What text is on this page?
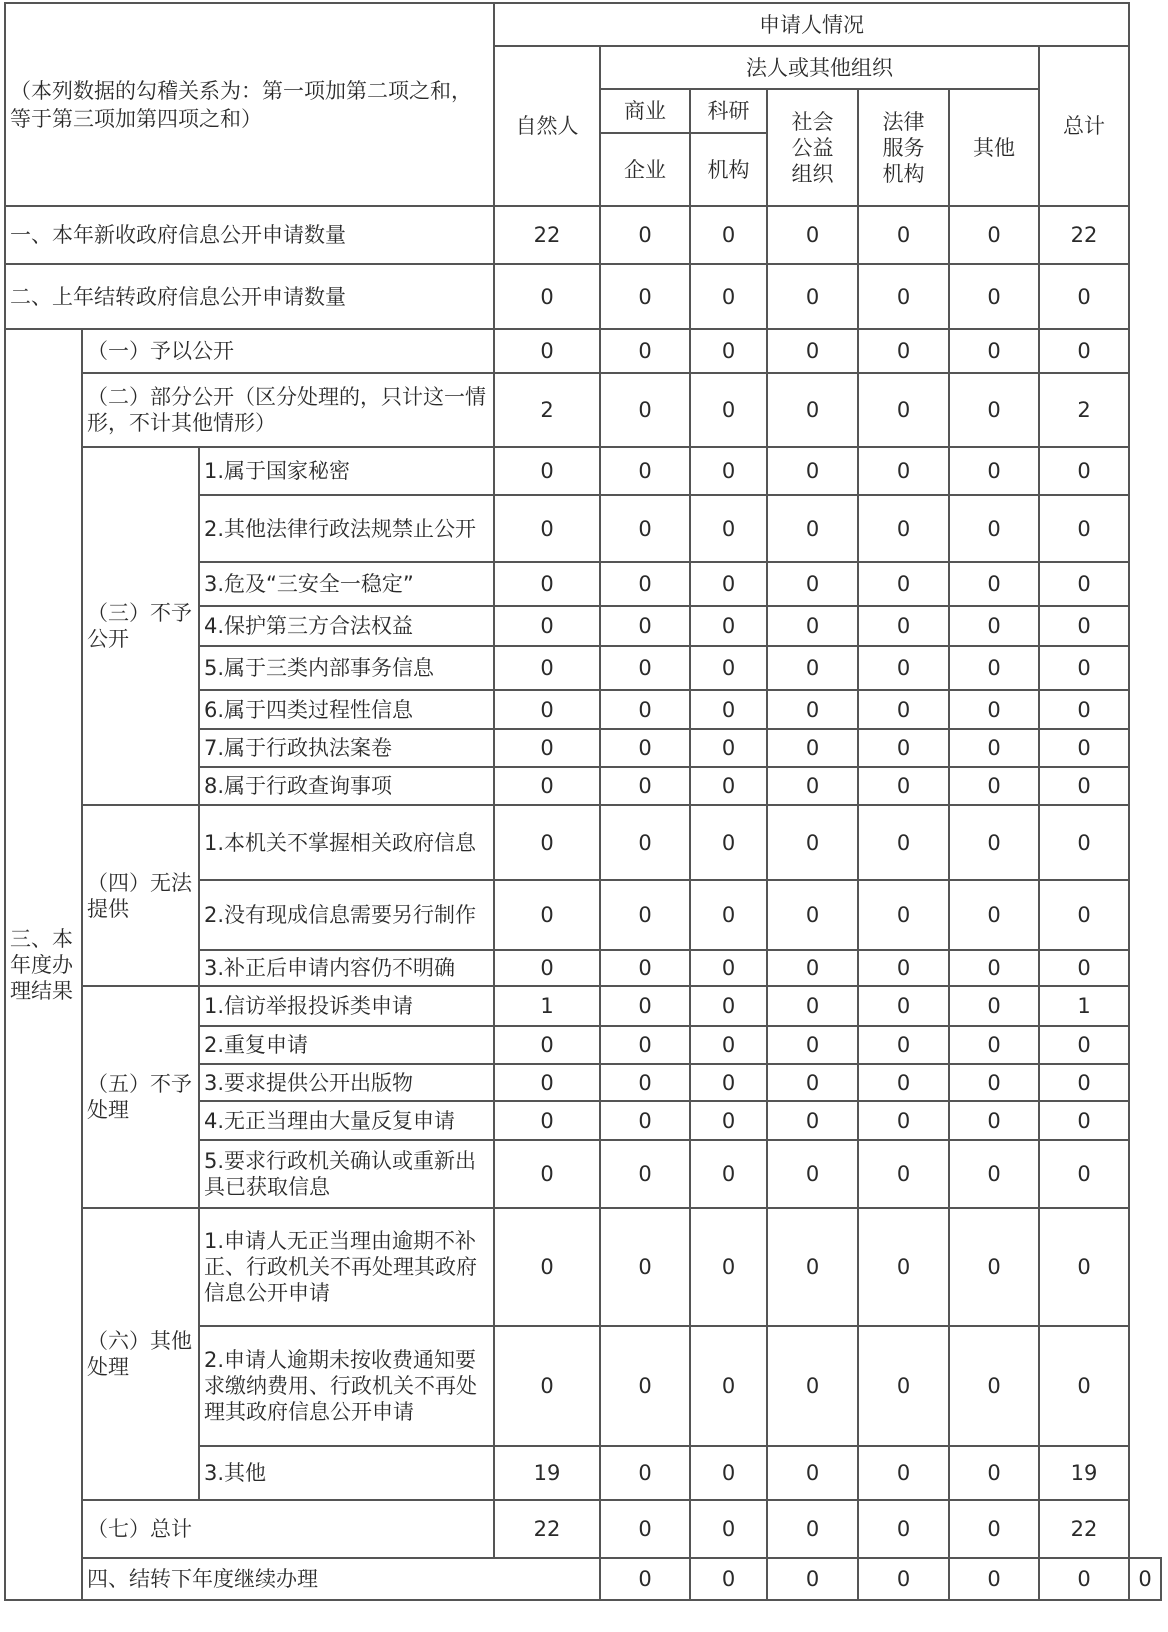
（本列数据的勾稽关系为：第一项加第二项之和，等于第三项加第四项之和）			申请人情况							
			自然人	法人或其他组织					总计	
				商业	科研	社会公益组织	法律服务机构	其他		
				企业	机构					
一、本年新收政府信息公开申请数量			22	0	0	0	0	0	22	
二、上年结转政府信息公开申请数量			0	0	0	0	0	0	0	
三、本年度办理结果	（一）予以公开		0	0	0	0	0	0	0	
	（二）部分公开（区分处理的，只计这一情形，不计其他情形）		2	0	0	0	0	0	2	
	（三）不予公开	1.属于国家秘密	0	0	0	0	0	0	0	
		2.其他法律行政法规禁止公开	0	0	0	0	0	0	0	
		3.危及“三安全一稳定”	0	0	0	0	0	0	0	
		4.保护第三方合法权益	0	0	0	0	0	0	0	
		5.属于三类内部事务信息	0	0	0	0	0	0	0	
		6.属于四类过程性信息	0	0	0	0	0	0	0	
		7.属于行政执法案卷	0	0	0	0	0	0	0	
		8.属于行政查询事项	0	0	0	0	0	0	0	
	（四）无法提供	1.本机关不掌握相关政府信息	0	0	0	0	0	0	0	
		2.没有现成信息需要另行制作	0	0	0	0	0	0	0	
		3.补正后申请内容仍不明确	0	0	0	0	0	0	0	
	（五）不予处理	1.信访举报投诉类申请	1	0	0	0	0	0	1	
		2.重复申请	0	0	0	0	0	0	0	
		3.要求提供公开出版物	0	0	0	0	0	0	0	
		4.无正当理由大量反复申请	0	0	0	0	0	0	0	
		5.要求行政机关确认或重新出具已获取信息	0	0	0	0	0	0	0	
	（六）其他处理	1.申请人无正当理由逾期不补正、行政机关不再处理其政府信息公开申请	0	0	0	0	0	0	0	
		2.申请人逾期未按收费通知要求缴纳费用、行政机关不再处理其政府信息公开申请	0	0	0	0	0	0	0	
		3.其他	19	0	0	0	0	0	19	
	（七）总计		22	0	0	0	0	0	22	
	四、结转下年度继续办理			0	0	0	0	0	0	0
